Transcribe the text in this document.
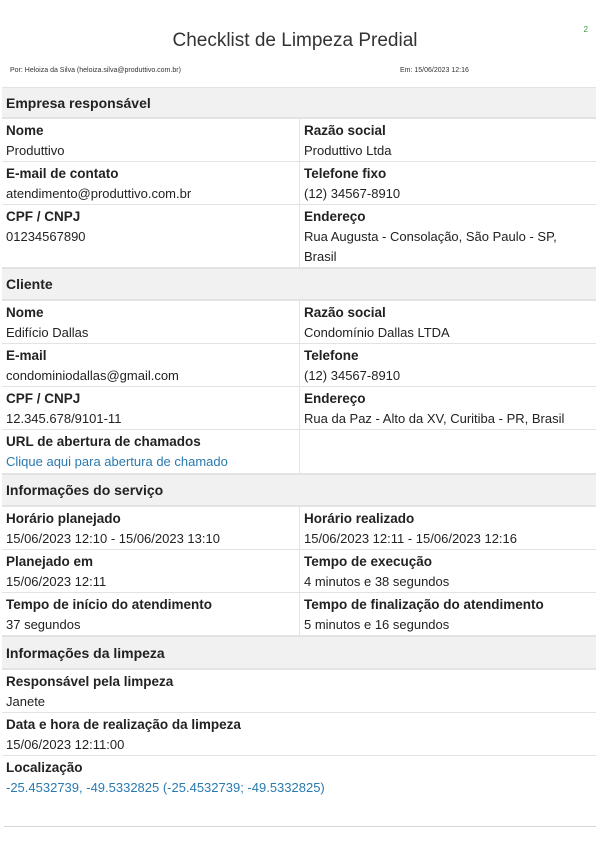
2
Checklist de Limpeza Predial
Por: Heloiza da Silva (heloiza.silva@produttivo.com.br)	Em: 15/06/2023 12:16
Empresa responsável
Nome
Produttivo
Razão social
Produttivo Ltda
E-mail de contato
atendimento@produttivo.com.br
Telefone fixo
(12) 34567-8910
CPF / CNPJ
01234567890
Endereço
Rua Augusta - Consolação, São Paulo - SP,
Brasil
Cliente
Nome
Edifício Dallas
Razão social
Condomínio Dallas LTDA
E-mail
condominiodallas@gmail.com
Telefone
(12) 34567-8910
CPF / CNPJ
12.345.678/9101-11
Endereço
Rua da Paz - Alto da XV, Curitiba - PR, Brasil
URL de abertura de chamados
Clique aqui para abertura de chamado
Informações do serviço
Horário planejado
15/06/2023 12:10 - 15/06/2023 13:10
Horário realizado
15/06/2023 12:11 - 15/06/2023 12:16
Planejado em
15/06/2023 12:11
Tempo de execução
4 minutos e 38 segundos
Tempo de início do atendimento
37 segundos
Tempo de finalização do atendimento
5 minutos e 16 segundos
Informações da limpeza
Responsável pela limpeza
Janete
Data e hora de realização da limpeza
15/06/2023 12:11:00
Localização
-25.4532739, -49.5332825 (-25.4532739; -49.5332825)
